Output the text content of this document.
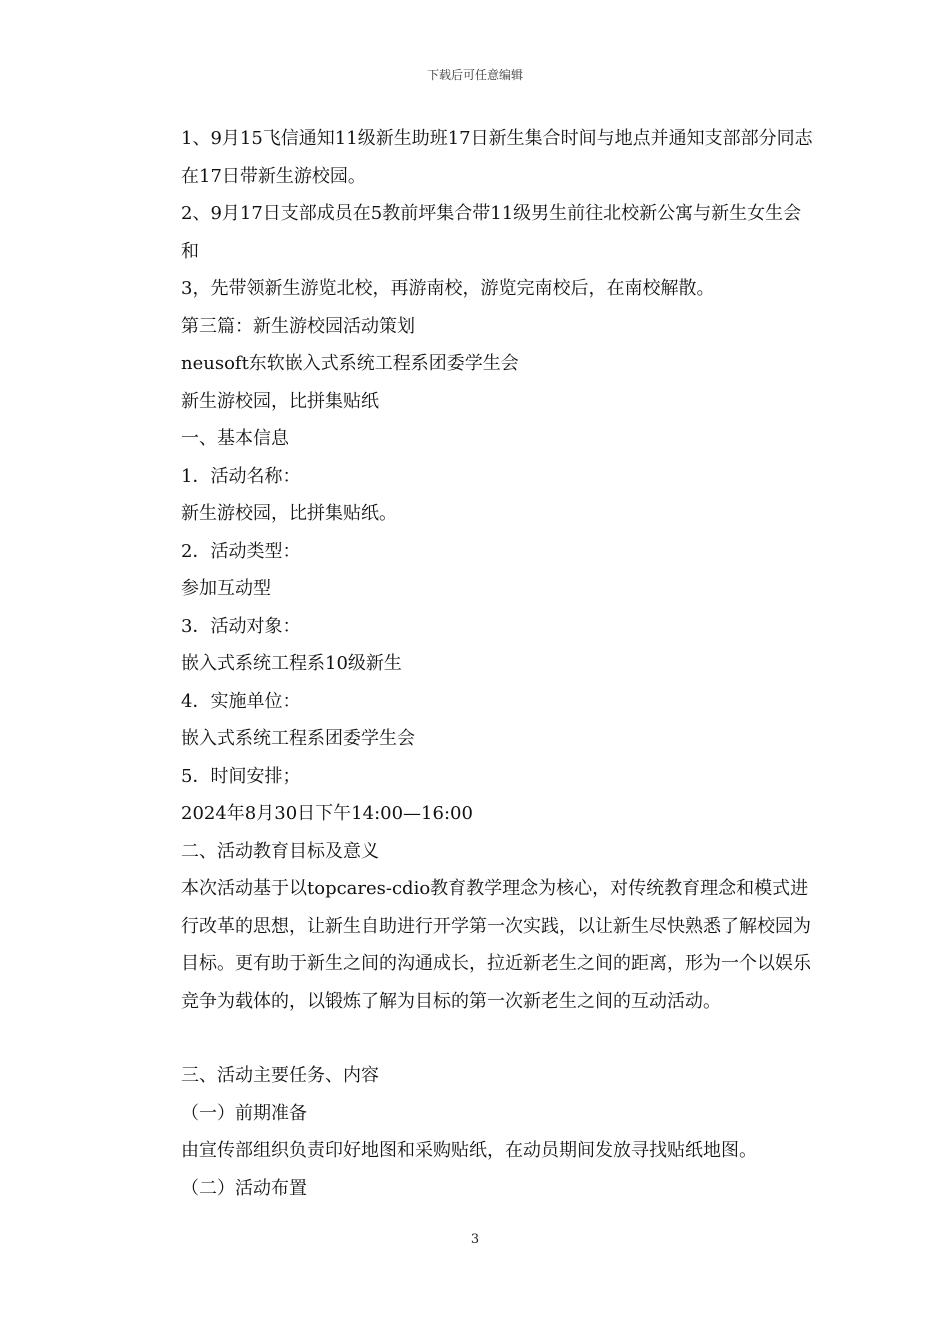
下载后可任意编辑

1、9月15飞信通知11级新生助班17日新生集合时间与地点并通知支部部分同志在17日带新生游校园。

2、9月17日支部成员在5教前坪集合带11级男生前往北校新公寓与新生女生会和

3，先带领新生游览北校，再游南校，游览完南校后，在南校解散。

第三篇：新生游校园活动策划

neusoft东软嵌入式系统工程系团委学生会

新生游校园，比拼集贴纸

一、基本信息

1．活动名称：

新生游校园，比拼集贴纸。

2．活动类型：

参加互动型

3．活动对象：

嵌入式系统工程系10级新生

4．实施单位：

嵌入式系统工程系团委学生会

5．时间安排；

2024年8月30日下午14:00—16:00

二、活动教育目标及意义

本次活动基于以topcares-cdio教育教学理念为核心，对传统教育理念和模式进行改革的思想，让新生自助进行开学第一次实践，以让新生尽快熟悉了解校园为目标。更有助于新生之间的沟通成长，拉近新老生之间的距离，形为一个以娱乐竞争为载体的，以锻炼了解为目标的第一次新老生之间的互动活动。

三、活动主要任务、内容

（一）前期准备

由宣传部组织负责印好地图和采购贴纸，在动员期间发放寻找贴纸地图。

（二）活动布置

3
